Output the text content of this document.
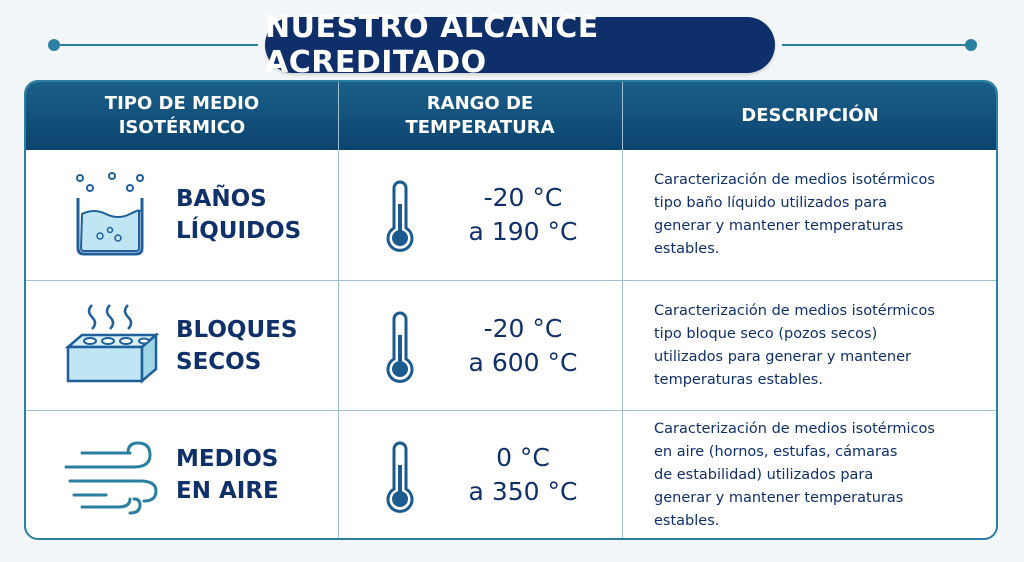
NUESTRO ALCANCE ACREDITADO
TIPO DE MEDIO
ISOTÉRMICO
RANGO DE
TEMPERATURA
DESCRIPCIÓN
BAÑOS
LÍQUIDOS
-20 °C
a 190 °C
Caracterización de medios isotérmicos
tipo baño líquido utilizados para
generar y mantener temperaturas
estables.
BLOQUES
SECOS
-20 °C
a 600 °C
Caracterización de medios isotérmicos
tipo bloque seco (pozos secos)
utilizados para generar y mantener
temperaturas estables.
MEDIOS
EN AIRE
0 °C
a 350 °C
Caracterización de medios isotérmicos
en aire (hornos, estufas, cámaras
de estabilidad) utilizados para
generar y mantener temperaturas
estables.
